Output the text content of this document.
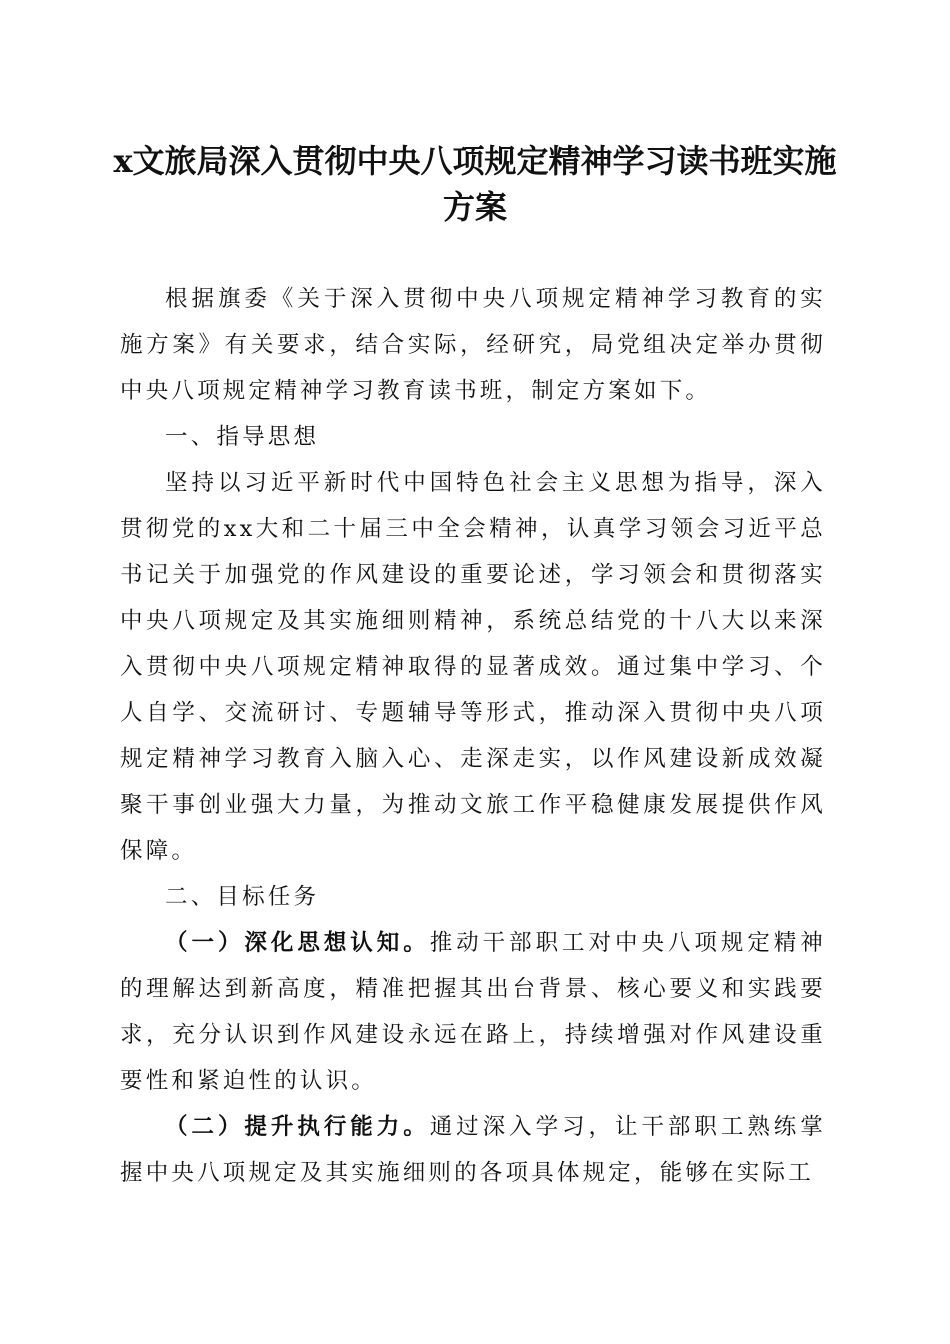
x文旅局深入贯彻中央八项规定精神学习读书班实施方案

根据旗委《关于深入贯彻中央八项规定精神学习教育的实施方案》有关要求，结合实际，经研究，局党组决定举办贯彻中央八项规定精神学习教育读书班，制定方案如下。

一、指导思想

坚持以习近平新时代中国特色社会主义思想为指导，深入贯彻党的xx大和二十届三中全会精神，认真学习领会习近平总书记关于加强党的作风建设的重要论述，学习领会和贯彻落实中央八项规定及其实施细则精神，系统总结党的十八大以来深入贯彻中央八项规定精神取得的显著成效。通过集中学习、个人自学、交流研讨、专题辅导等形式，推动深入贯彻中央八项规定精神学习教育入脑入心、走深走实，以作风建设新成效凝聚干事创业强大力量，为推动文旅工作平稳健康发展提供作风保障。

二、目标任务

（一）深化思想认知。推动干部职工对中央八项规定精神的理解达到新高度，精准把握其出台背景、核心要义和实践要求，充分认识到作风建设永远在路上，持续增强对作风建设重要性和紧迫性的认识。

（二）提升执行能力。通过深入学习，让干部职工熟练掌握中央八项规定及其实施细则的各项具体规定，能够在实际工
